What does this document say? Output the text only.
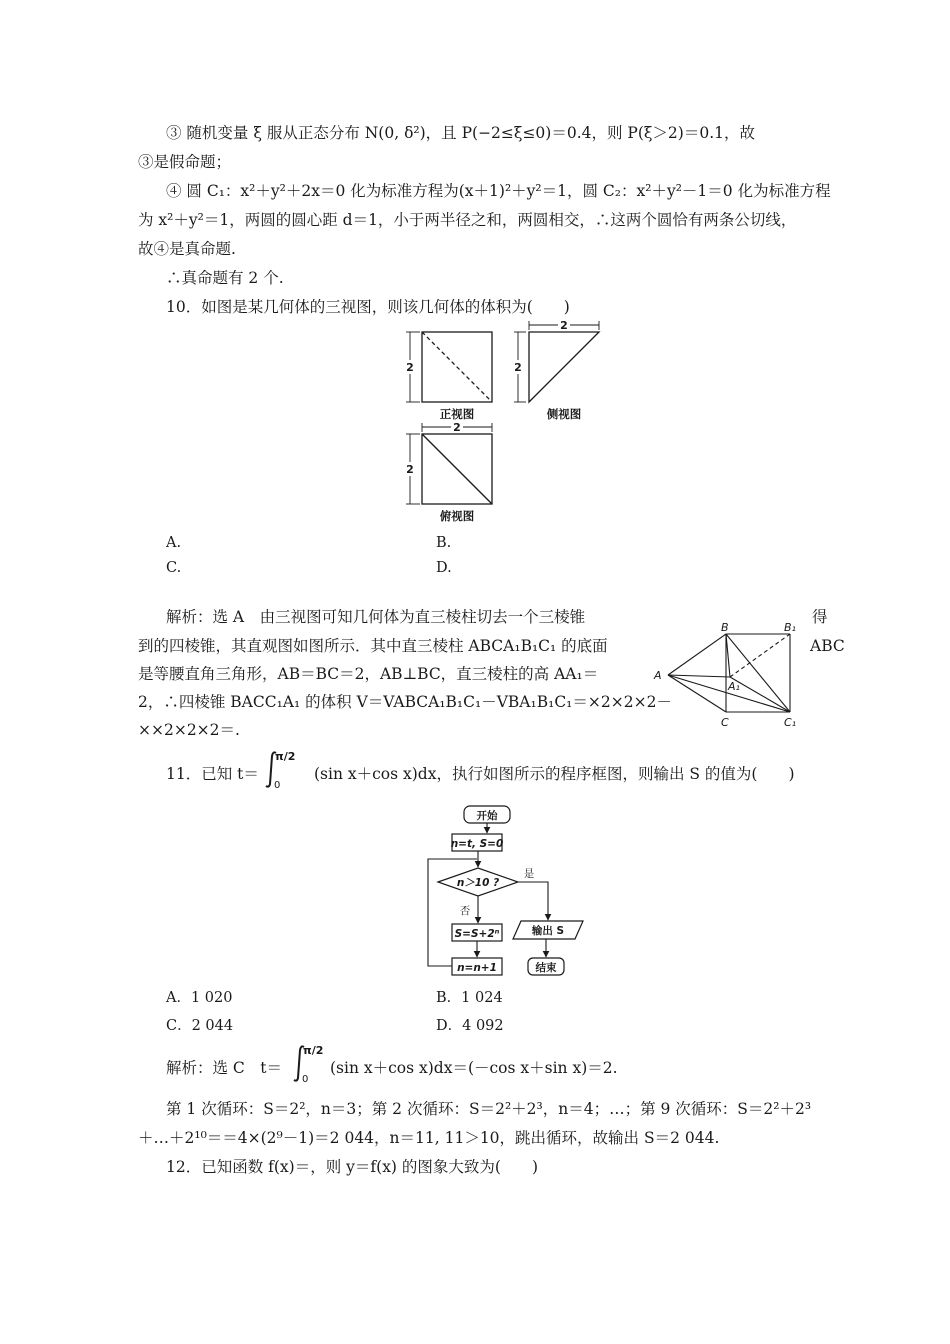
③ 随机变量 ξ 服从正态分布 N(0, δ²)，且 P(−2≤ξ≤0)＝0.4，则 P(ξ＞2)＝0.1，故
③是假命题；
④ 圆 C₁：x²＋y²＋2x＝0 化为标准方程为(x＋1)²＋y²＝1，圆 C₂：x²＋y²－1＝0 化为标准方程
为 x²＋y²＝1，两圆的圆心距 d＝1，小于两半径之和，两圆相交，∴这两个圆恰有两条公切线，
故④是真命题.
∴真命题有 2 个.
10．如图是某几何体的三视图，则该几何体的体积为(　　)
2	2
2
2
2
正视图	侧视图
俯视图
A.	B.
C.	D.
解析：选 A　由三视图可知几何体为直三棱柱切去一个三棱锥	得
到的四棱锥，其直观图如图所示．其中直三棱柱 ABCA₁B₁C₁ 的底面	ABC
是等腰直角三角形，AB＝BC＝2，AB⊥BC，直三棱柱的高 AA₁＝
2，∴四棱锥 BACC₁A₁ 的体积 V＝VABCA₁B₁C₁－VBA₁B₁C₁＝×2×2×2－
××2×2×2＝.
B	B₁
A
A₁
C	C₁
11．已知 t＝
π/2
0
(sin x＋cos x)dx，执行如图所示的程序框图，则输出 S 的值为(　　)
开始
n=t, S=0
n＞10 ?
是
否
S=S+2ⁿ
n=n+1
输出 S
结束
A．1 020	B．1 024
C．2 044	D．4 092
解析：选 C　t＝
π/2
0
(sin x＋cos x)dx＝(－cos x＋sin x)＝2.
第 1 次循环：S＝2²，n＝3；第 2 次循环：S＝2²＋2³，n＝4；…；第 9 次循环：S＝2²＋2³
＋…＋2¹⁰＝＝4×(2⁹－1)＝2 044，n＝11, 11＞10，跳出循环，故输出 S＝2 044.
12．已知函数 f(x)＝，则 y＝f(x) 的图象大致为(　　)
